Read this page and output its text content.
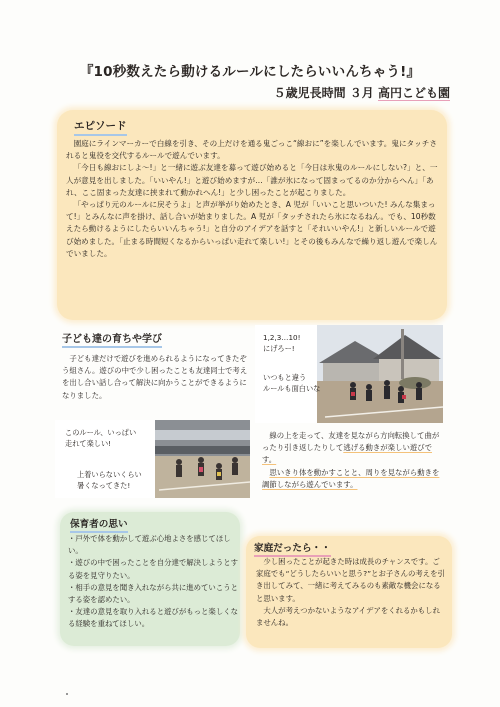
『10秒数えたら動けるルールにしたらいいんちゃう!』
５歳児長時間 ３月 高円こども園
エピソード

園庭にラインマーカーで白線を引き、その上だけを通る鬼ごっこ“線おに”を楽しんでいます。鬼にタッチされると鬼役を交代するルールで遊んでいます。

「今日も線おにしよ～!」と一緒に遊ぶ友達を募って遊び始めると「今日は氷鬼のルールにしない?」と、一人が意見を出しました。「いいやん!」と遊び始めますが…「誰が氷になって固まってるのか分からへん」「あれ、ここ固まった友達に挟まれて動かれへん!」と少し困ったことが起こりました。

「やっぱり元のルールに戻そうよ」と声が挙がり始めたとき、A 児が「いいこと思いついた! みんな集まって!」とみんなに声を掛け、話し合いが始まりました。A 児が「タッチされたら氷になるねん。でも、10秒数えたら動けるようにしたらいいんちゃう!」と自分のアイデアを話すと「それいいやん!」と新しいルールで遊び始めました。「止まる時間短くなるからいっぱい走れて楽しい!」とその後もみんなで繰り返し遊んで楽しんでいました。

子ども達の育ちや学び

子ども達だけで遊びを進められるようになってきたぞう組さん。遊びの中で少し困ったことも友達同士で考えを出し合い話し合って解決に向かうことができるようになりました。

1,2,3…10!
にげろー!
いつもと違う
ルールも面白いな
このルール、いっぱい
走れて楽しい!
上着いらないくらい
暑くなってきた!

線の上を走って、友達を見ながら方向転換して曲がったり引き返したりして逃げる動きが楽しい遊びです。

思いきり体を動かすことと、周りを見ながら動きを調節しながら遊んでいます。

保育者の思い
・戸外で体を動かして遊ぶ心地よさを感じてほしい。
・遊びの中で困ったことを自分達で解決しようとする姿を見守りたい。
・相手の意見を聞き入れながら共に進めていこうとする姿を認めたい。
・友達の意見を取り入れると遊びがもっと楽しくなる経験を重ねてほしい。
家庭だったら・・

少し困ったことが起きた時は成長のチャンスです。ご家庭でも“どうしたらいいと思う?”とお子さんの考えを引き出してみて、一緒に考えてみるのも素敵な機会になると思います。

大人が考えつかないようなアイデアをくれるかもしれませんね。
